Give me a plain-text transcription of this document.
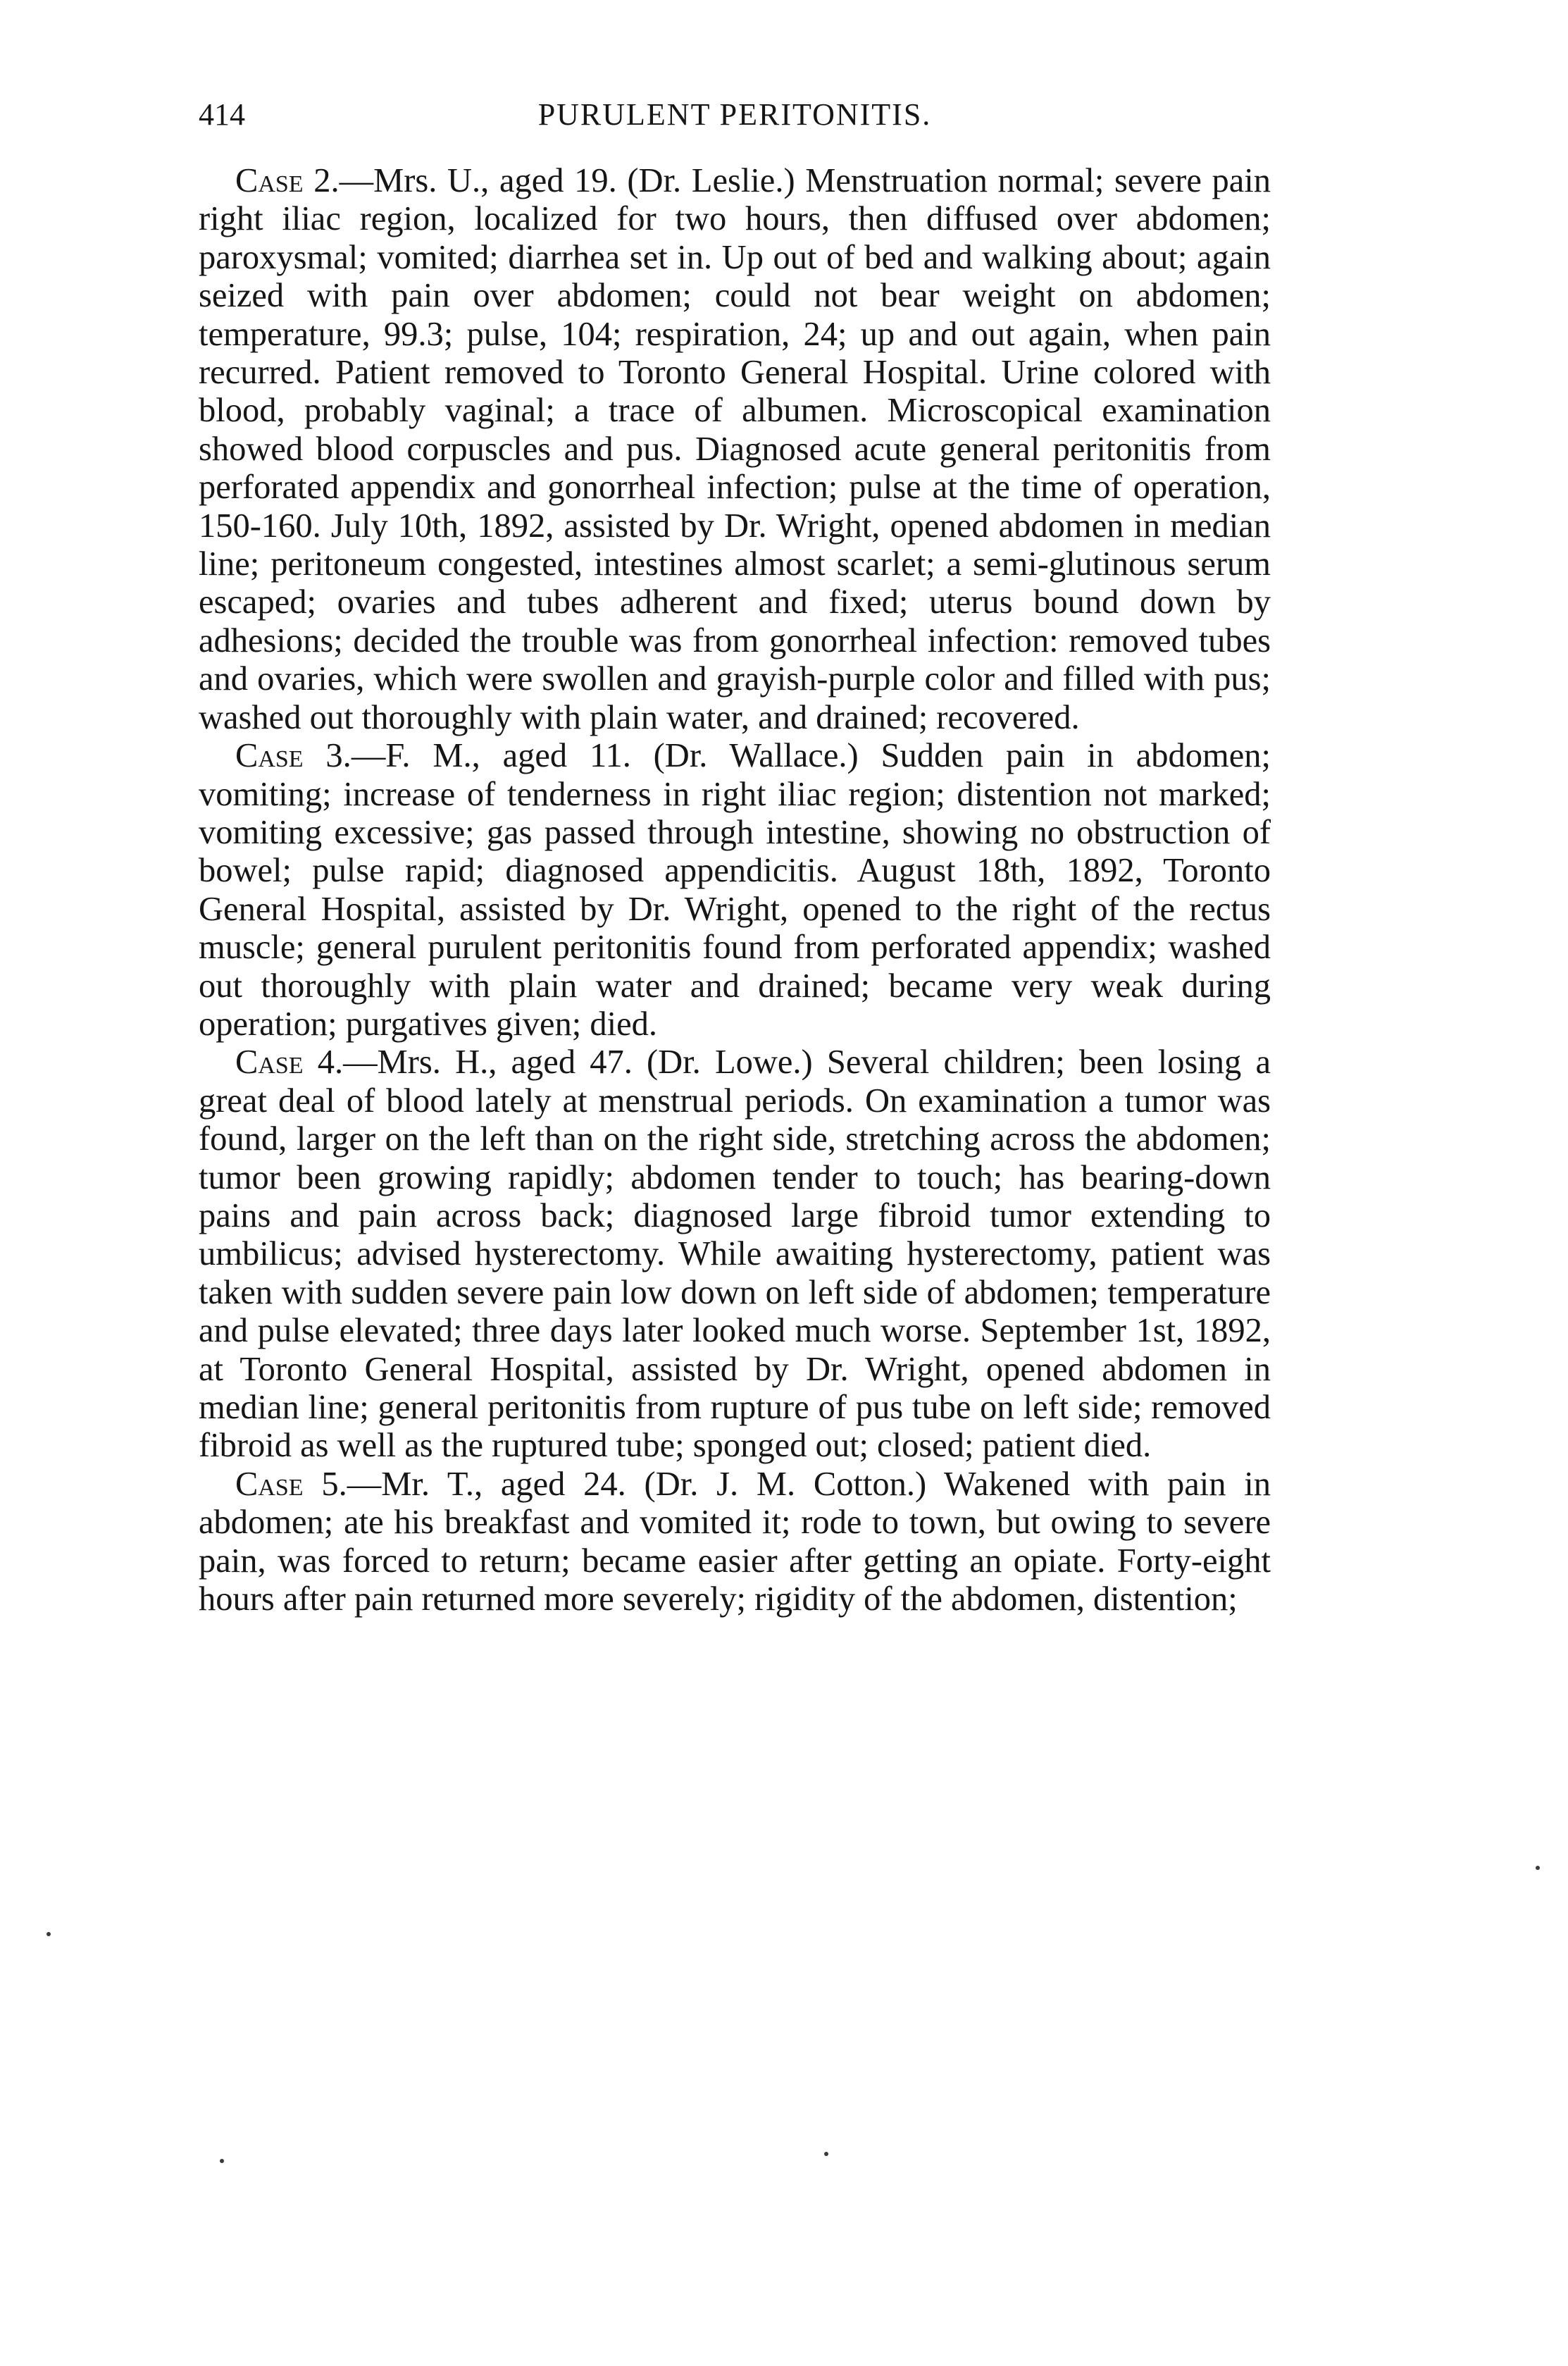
414	PURULENT PERITONITIS.

Case 2.—Mrs. U., aged 19. (Dr. Leslie.) Menstruation normal; severe pain right iliac region, localized for two hours, then diffused over abdomen; paroxysmal; vomited; diarrhea set in. Up out of bed and walking about; again seized with pain over abdomen; could not bear weight on abdomen; temperature, 99.3; pulse, 104; respiration, 24; up and out again, when pain recurred. Patient removed to Toronto General Hospital. Urine colored with blood, probably vaginal; a trace of albumen. Microscopical examination showed blood corpuscles and pus. Diagnosed acute general peritonitis from perforated appendix and gonorrheal infection; pulse at the time of operation, 150-160. July 10th, 1892, assisted by Dr. Wright, opened abdomen in median line; peritoneum congested, intestines almost scarlet; a semi-glutinous serum escaped; ovaries and tubes adherent and fixed; uterus bound down by adhesions; decided the trouble was from gonorrheal infection: removed tubes and ovaries, which were swollen and grayish-purple color and filled with pus; washed out thoroughly with plain water, and drained; recovered.

Case 3.—F. M., aged 11. (Dr. Wallace.) Sudden pain in abdomen; vomiting; increase of tenderness in right iliac region; distention not marked; vomiting excessive; gas passed through intestine, showing no obstruction of bowel; pulse rapid; diagnosed appendicitis. August 18th, 1892, Toronto General Hospital, assisted by Dr. Wright, opened to the right of the rectus muscle; general purulent peritonitis found from perforated appendix; washed out thoroughly with plain water and drained; became very weak during operation; purgatives given; died.

Case 4.—Mrs. H., aged 47. (Dr. Lowe.) Several children; been losing a great deal of blood lately at menstrual periods. On examination a tumor was found, larger on the left than on the right side, stretching across the abdomen; tumor been growing rapidly; abdomen tender to touch; has bearing-down pains and pain across back; diagnosed large fibroid tumor extending to umbilicus; advised hysterectomy. While awaiting hysterectomy, patient was taken with sudden severe pain low down on left side of abdomen; temperature and pulse elevated; three days later looked much worse. September 1st, 1892, at Toronto General Hospital, assisted by Dr. Wright, opened abdomen in median line; general peritonitis from rupture of pus tube on left side; removed fibroid as well as the ruptured tube; sponged out; closed; patient died.

Case 5.—Mr. T., aged 24. (Dr. J. M. Cotton.) Wakened with pain in abdomen; ate his breakfast and vomited it; rode to town, but owing to severe pain, was forced to return; became easier after getting an opiate. Forty-eight hours after pain returned more severely; rigidity of the abdomen, distention;
